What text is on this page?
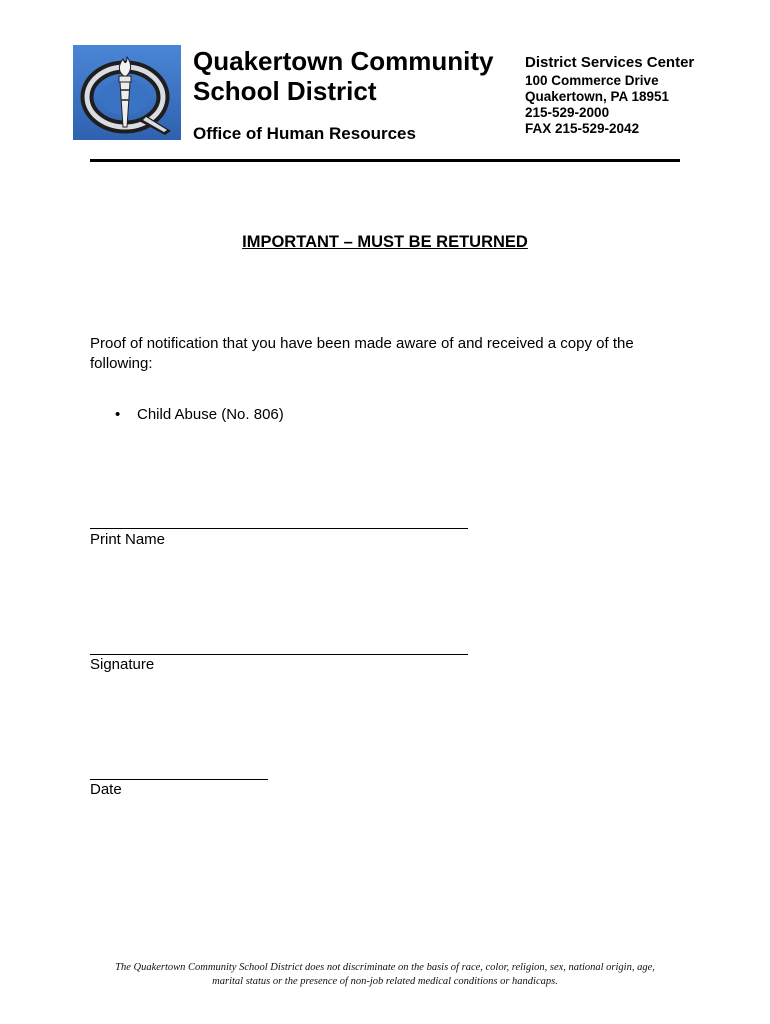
Quakertown Community
School District
Office of Human Resources
District Services Center
100 Commerce Drive
Quakertown, PA 18951
215-529-2000
FAX 215-529-2042
IMPORTANT – MUST BE RETURNED
Proof of notification that you have been made aware of and received a copy of the following:
• Child Abuse (No. 806)
Print Name
Signature
Date
The Quakertown Community School District does not discriminate on the basis of race, color, religion, sex, national origin, age,
marital status or the presence of non-job related medical conditions or handicaps.
